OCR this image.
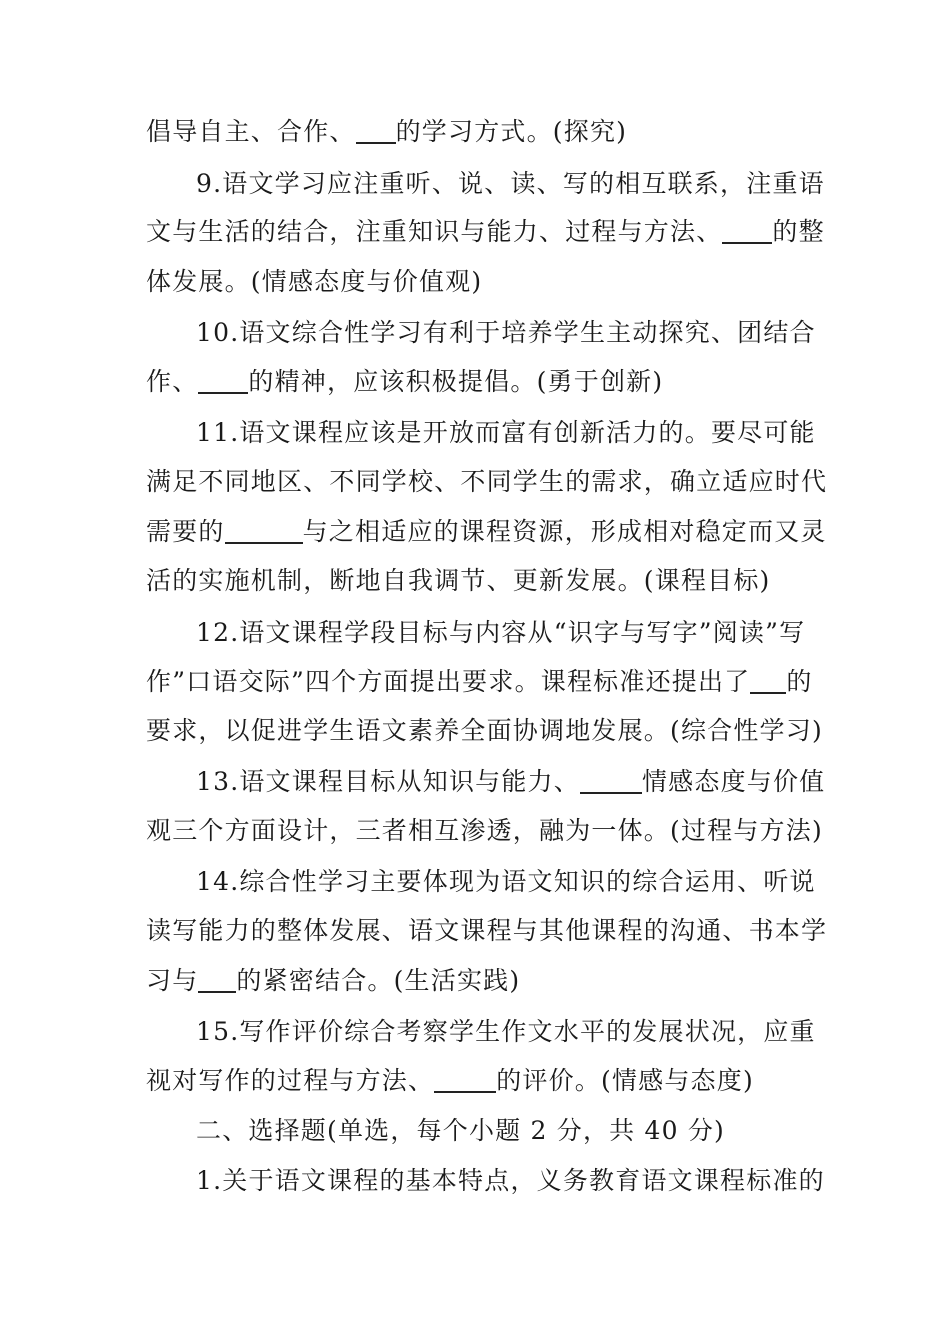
倡导自主、合作、 的学习方式。(探究)
9.语文学习应注重听、说、读、写的相互联系，注重语
文与生活的结合，注重知识与能力、过程与方法、 的整
体发展。(情感态度与价值观)
10.语文综合性学习有利于培养学生主动探究、团结合
作、 的精神，应该积极提倡。(勇于创新)
11.语文课程应该是开放而富有创新活力的。要尽可能
满足不同地区、不同学校、不同学生的需求，确立适应时代
需要的	与之相适应的课程资源，形成相对稳定而又灵
活的实施机制，断地自我调节、更新发展。(课程目标)
12.语文课程学段目标与内容从“识字与写字”阅读”写
作”口语交际”四个方面提出要求。课程标准还提出了 的
要求，以促进学生语文素养全面协调地发展。(综合性学习)
13.语文课程目标从知识与能力、 情感态度与价值
观三个方面设计，三者相互渗透，融为一体。(过程与方法)
14.综合性学习主要体现为语文知识的综合运用、听说
读写能力的整体发展、语文课程与其他课程的沟通、书本学
习与 的紧密结合。(生活实践)
15.写作评价综合考察学生作文水平的发展状况，应重
视对写作的过程与方法、 的评价。(情感与态度)
二、选择题(单选，每个小题 2 分，共 40 分)
1.关于语文课程的基本特点，义务教育语文课程标准的
